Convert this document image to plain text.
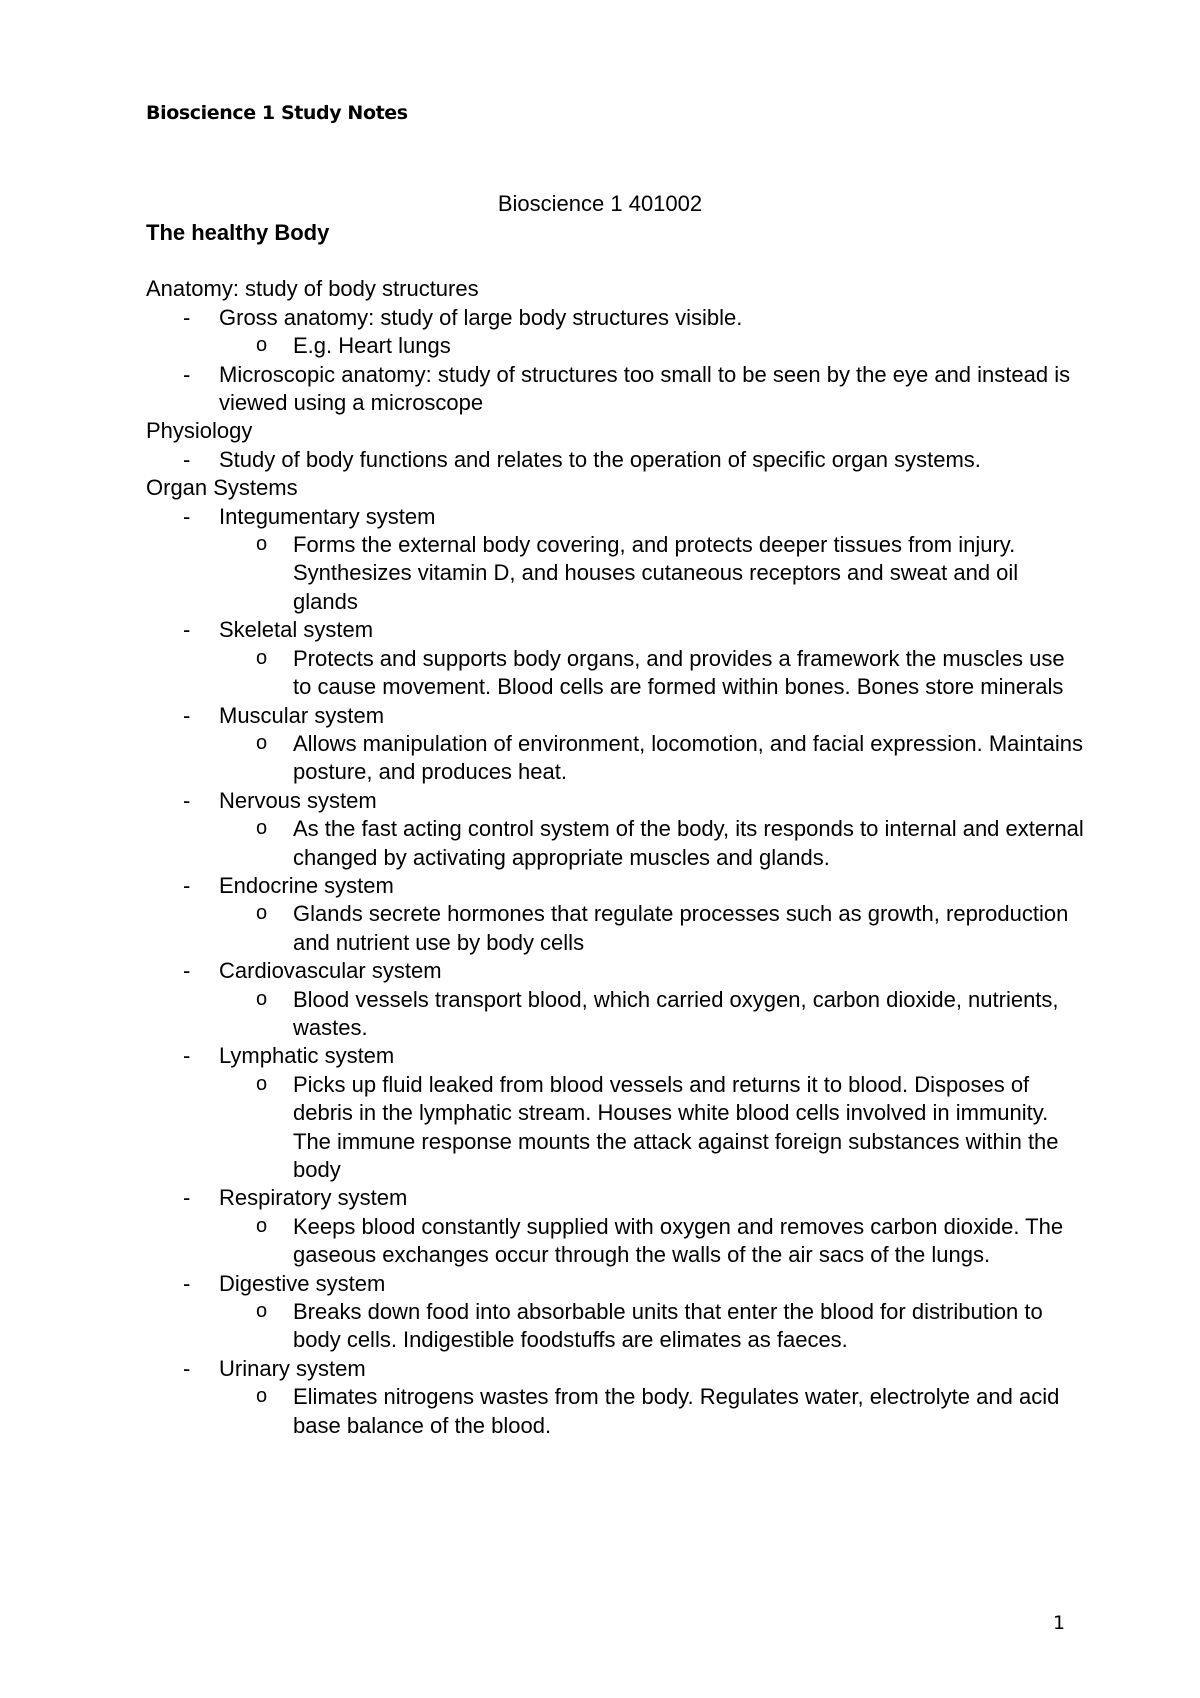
Bioscience 1 Study Notes
Bioscience 1 401002

The healthy Body

Anatomy: study of body structures

- Gross anatomy: study of large body structures visible.

o E.g. Heart lungs

- Microscopic anatomy: study of structures too small to be seen by the eye and instead is viewed using a microscope

Physiology

- Study of body functions and relates to the operation of specific organ systems.

Organ Systems

- Integumentary system

o Forms the external body covering, and protects deeper tissues from injury. Synthesizes vitamin D, and houses cutaneous receptors and sweat and oil glands

- Skeletal system

o Protects and supports body organs, and provides a framework the muscles use to cause movement. Blood cells are formed within bones. Bones store minerals

- Muscular system

o Allows manipulation of environment, locomotion, and facial expression. Maintains posture, and produces heat.

- Nervous system

o As the fast acting control system of the body, its responds to internal and external changed by activating appropriate muscles and glands.

- Endocrine system

o Glands secrete hormones that regulate processes such as growth, reproduction and nutrient use by body cells

- Cardiovascular system

o Blood vessels transport blood, which carried oxygen, carbon dioxide, nutrients, wastes.

- Lymphatic system

o Picks up fluid leaked from blood vessels and returns it to blood. Disposes of debris in the lymphatic stream. Houses white blood cells involved in immunity. The immune response mounts the attack against foreign substances within the body

- Respiratory system

o Keeps blood constantly supplied with oxygen and removes carbon dioxide. The gaseous exchanges occur through the walls of the air sacs of the lungs.

- Digestive system

o Breaks down food into absorbable units that enter the blood for distribution to body cells. Indigestible foodstuffs are elimates as faeces.

- Urinary system

o Elimates nitrogens wastes from the body. Regulates water, electrolyte and acid base balance of the blood.

1
